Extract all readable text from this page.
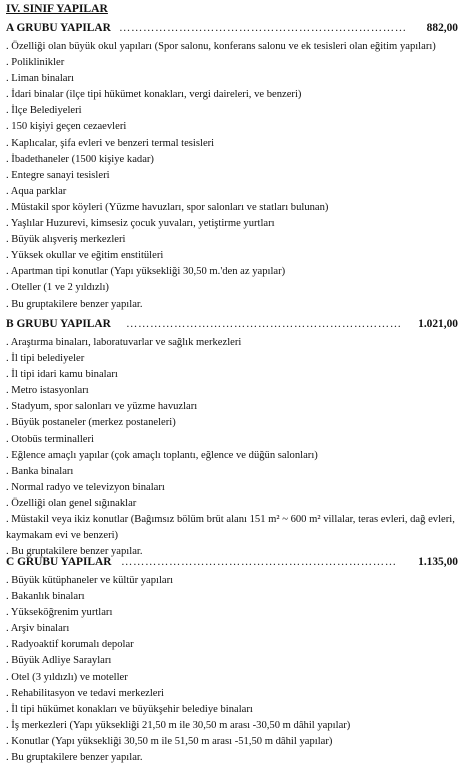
IV. SINIF YAPILAR
A GRUBU YAPILAR ……………………………………………………………… 882,00
. Özelliği olan büyük okul yapıları (Spor salonu, konferans salonu ve ek tesisleri olan eğitim yapıları)
. Poliklinikler
. Liman binaları
. İdari binalar (ilçe tipi hükümet konakları, vergi daireleri, ve benzeri)
. İlçe Belediyeleri
. 150 kişiyi geçen cezaevleri
. Kaplıcalar, şifa evleri ve benzeri termal tesisleri
. İbadethaneler (1500 kişiye kadar)
. Entegre sanayi tesisleri
. Aqua parklar
. Müstakil spor köyleri (Yüzme havuzları, spor salonları ve statları bulunan)
. Yaşlılar Huzurevi, kimsesiz çocuk yuvaları, yetiştirme yurtları
. Büyük alışveriş merkezleri
. Yüksek okullar ve eğitim enstitüleri
. Apartman tipi konutlar (Yapı yüksekliği 30,50 m.'den az yapılar)
. Oteller (1 ve 2 yıldızlı)
. Bu gruptakilere benzer yapılar.
B GRUBU YAPILAR …………………………………………………………… 1.021,00
. Araştırma binaları, laboratuvarlar ve sağlık merkezleri
. İl tipi belediyeler
. İl tipi idari kamu binaları
. Metro istasyonları
. Stadyum, spor salonları ve yüzme havuzları
. Büyük postaneler (merkez postaneleri)
. Otobüs terminalleri
. Eğlence amaçlı yapılar (çok amaçlı toplantı, eğlence ve düğün salonları)
. Banka binaları
. Normal radyo ve televizyon binaları
. Özelliği olan genel sığınaklar
. Müstakil veya ikiz konutlar (Bağımsız bölüm brüt alanı 151 m² ~ 600 m² villalar, teras evleri, dağ evleri, kaymakam evi ve benzeri)
. Bu gruptakilere benzer yapılar.
C GRUBU YAPILAR …………………………………………………………… 1.135,00
. Büyük kütüphaneler ve kültür yapıları
. Bakanlık binaları
. Yükseköğrenim yurtları
. Arşiv binaları
. Radyoaktif korumalı depolar
. Büyük Adliye Sarayları
. Otel (3 yıldızlı) ve moteller
. Rehabilitasyon ve tedavi merkezleri
. İl tipi hükümet konakları ve büyükşehir belediye binaları
. İş merkezleri (Yapı yüksekliği 21,50 m ile 30,50 m arası -30,50 m dâhil yapılar)
. Konutlar (Yapı yüksekliği 30,50 m ile 51,50 m arası -51,50 m dâhil yapılar)
. Bu gruptakilere benzer yapılar.
